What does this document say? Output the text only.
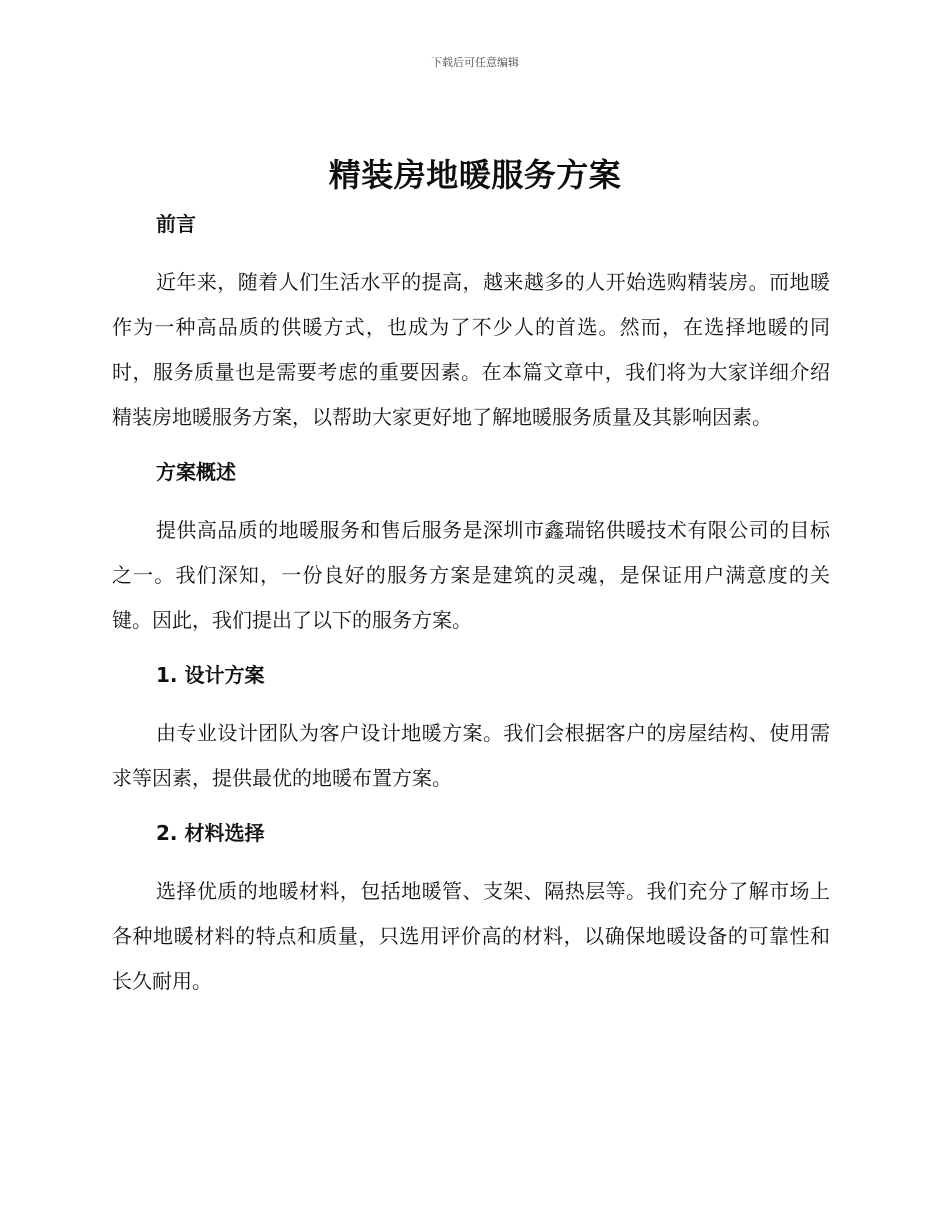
下载后可任意编辑
精装房地暖服务方案
前言

近年来，随着人们生活水平的提高，越来越多的人开始选购精装房。而地暖作为一种高品质的供暖方式，也成为了不少人的首选。然而，在选择地暖的同时，服务质量也是需要考虑的重要因素。在本篇文章中，我们将为大家详细介绍精装房地暖服务方案，以帮助大家更好地了解地暖服务质量及其影响因素。

方案概述

提供高品质的地暖服务和售后服务是深圳市鑫瑞铭供暖技术有限公司的目标之一。我们深知，一份良好的服务方案是建筑的灵魂，是保证用户满意度的关键。因此，我们提出了以下的服务方案。

1. 设计方案

由专业设计团队为客户设计地暖方案。我们会根据客户的房屋结构、使用需求等因素，提供最优的地暖布置方案。

2. 材料选择

选择优质的地暖材料，包括地暖管、支架、隔热层等。我们充分了解市场上各种地暖材料的特点和质量，只选用评价高的材料，以确保地暖设备的可靠性和长久耐用。
